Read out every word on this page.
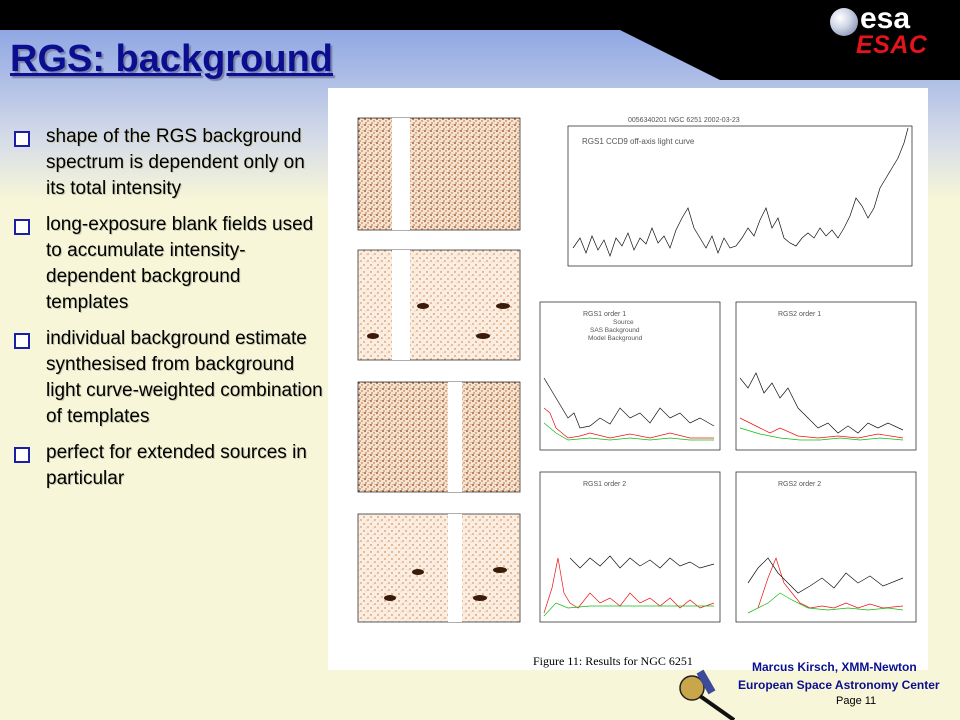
esa
ESAC
RGS: background
shape of the RGS background spectrum is dependent only on its total intensity
long-exposure blank fields used to accumulate intensity-dependent background templates
individual background estimate synthesised from background light curve-weighted combination of templates
perfect for extended sources in particular
0056340201 NGC 6251 2002-03-23
RGS1 CCD9 off-axis light curve
RGS1 order 1	RGS2 order 1
RGS1 order 2	RGS2 order 2
Source
SAS Background
Model Background
Figure 11: Results for NGC 6251	Marcus Kirsch, XMM-Newton
European Space Astronomy Center
Page 11
